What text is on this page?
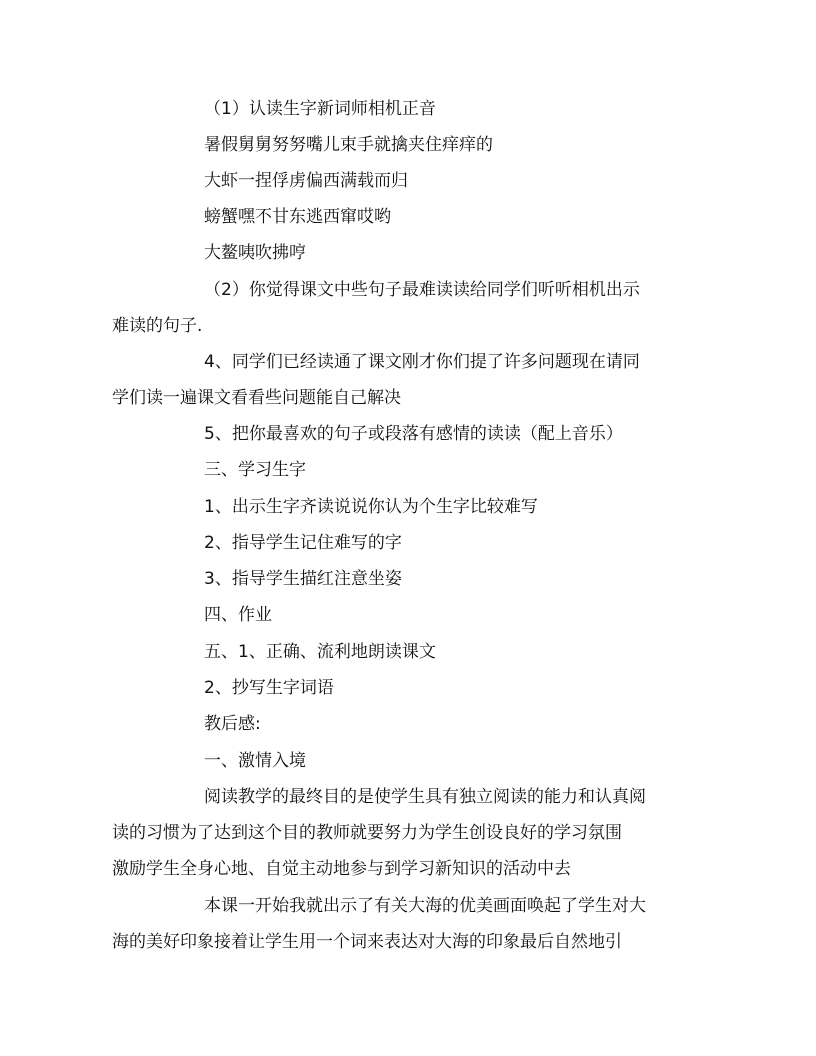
（1）认读生字新词师相机正音
暑假舅舅努努嘴儿束手就擒夹住痒痒的
大虾一捏俘虏偏西满载而归
螃蟹嘿不甘东逃西窜哎哟
大鳌咦吹拂哼
（2）你觉得课文中些句子最难读读给同学们听听相机出示
难读的句子.
4、同学们已经读通了课文刚才你们提了许多问题现在请同
学们读一遍课文看看些问题能自己解决
5、把你最喜欢的句子或段落有感情的读读（配上音乐）
三、学习生字
1、出示生字齐读说说你认为个生字比较难写
2、指导学生记住难写的字
3、指导学生描红注意坐姿
四、作业
五、1、正确、流利地朗读课文
2、抄写生字词语
教后感:
一、激情入境
阅读教学的最终目的是使学生具有独立阅读的能力和认真阅
读的习惯为了达到这个目的教师就要努力为学生创设良好的学习氛围
激励学生全身心地、自觉主动地参与到学习新知识的活动中去
本课一开始我就出示了有关大海的优美画面唤起了学生对大
海的美好印象接着让学生用一个词来表达对大海的印象最后自然地引
